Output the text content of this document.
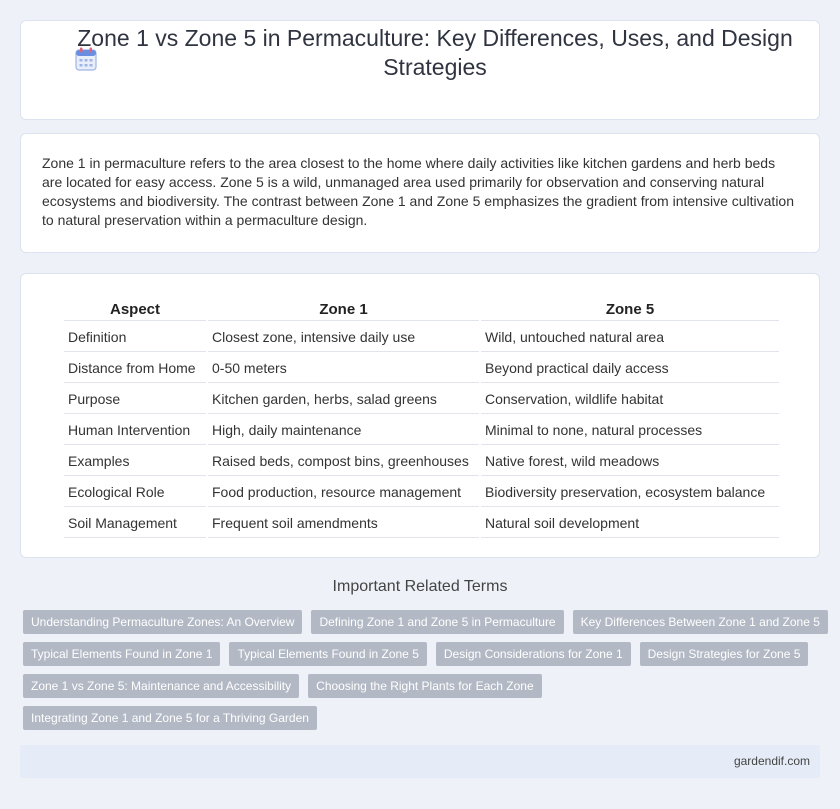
Zone 1 vs Zone 5 in Permaculture: Key Differences, Uses, and Design Strategies

Zone 1 in permaculture refers to the area closest to the home where daily activities like kitchen gardens and herb beds are located for easy access. Zone 5 is a wild, unmanaged area used primarily for observation and conserving natural ecosystems and biodiversity. The contrast between Zone 1 and Zone 5 emphasizes the gradient from intensive cultivation to natural preservation within a permaculture design.

Aspect	Zone 1	Zone 5
Definition	Closest zone, intensive daily use	Wild, untouched natural area
Distance from Home	0-50 meters	Beyond practical daily access
Purpose	Kitchen garden, herbs, salad greens	Conservation, wildlife habitat
Human Intervention	High, daily maintenance	Minimal to none, natural processes
Examples	Raised beds, compost bins, greenhouses	Native forest, wild meadows
Ecological Role	Food production, resource management	Biodiversity preservation, ecosystem balance
Soil Management	Frequent soil amendments	Natural soil development
Important Related Terms
Understanding Permaculture Zones: An Overview	Defining Zone 1 and Zone 5 in Permaculture	Key Differences Between Zone 1 and Zone 5
Typical Elements Found in Zone 1	Typical Elements Found in Zone 5	Design Considerations for Zone 1	Design Strategies for Zone 5
Zone 1 vs Zone 5: Maintenance and Accessibility	Choosing the Right Plants for Each Zone
Integrating Zone 1 and Zone 5 for a Thriving Garden
gardendif.com
